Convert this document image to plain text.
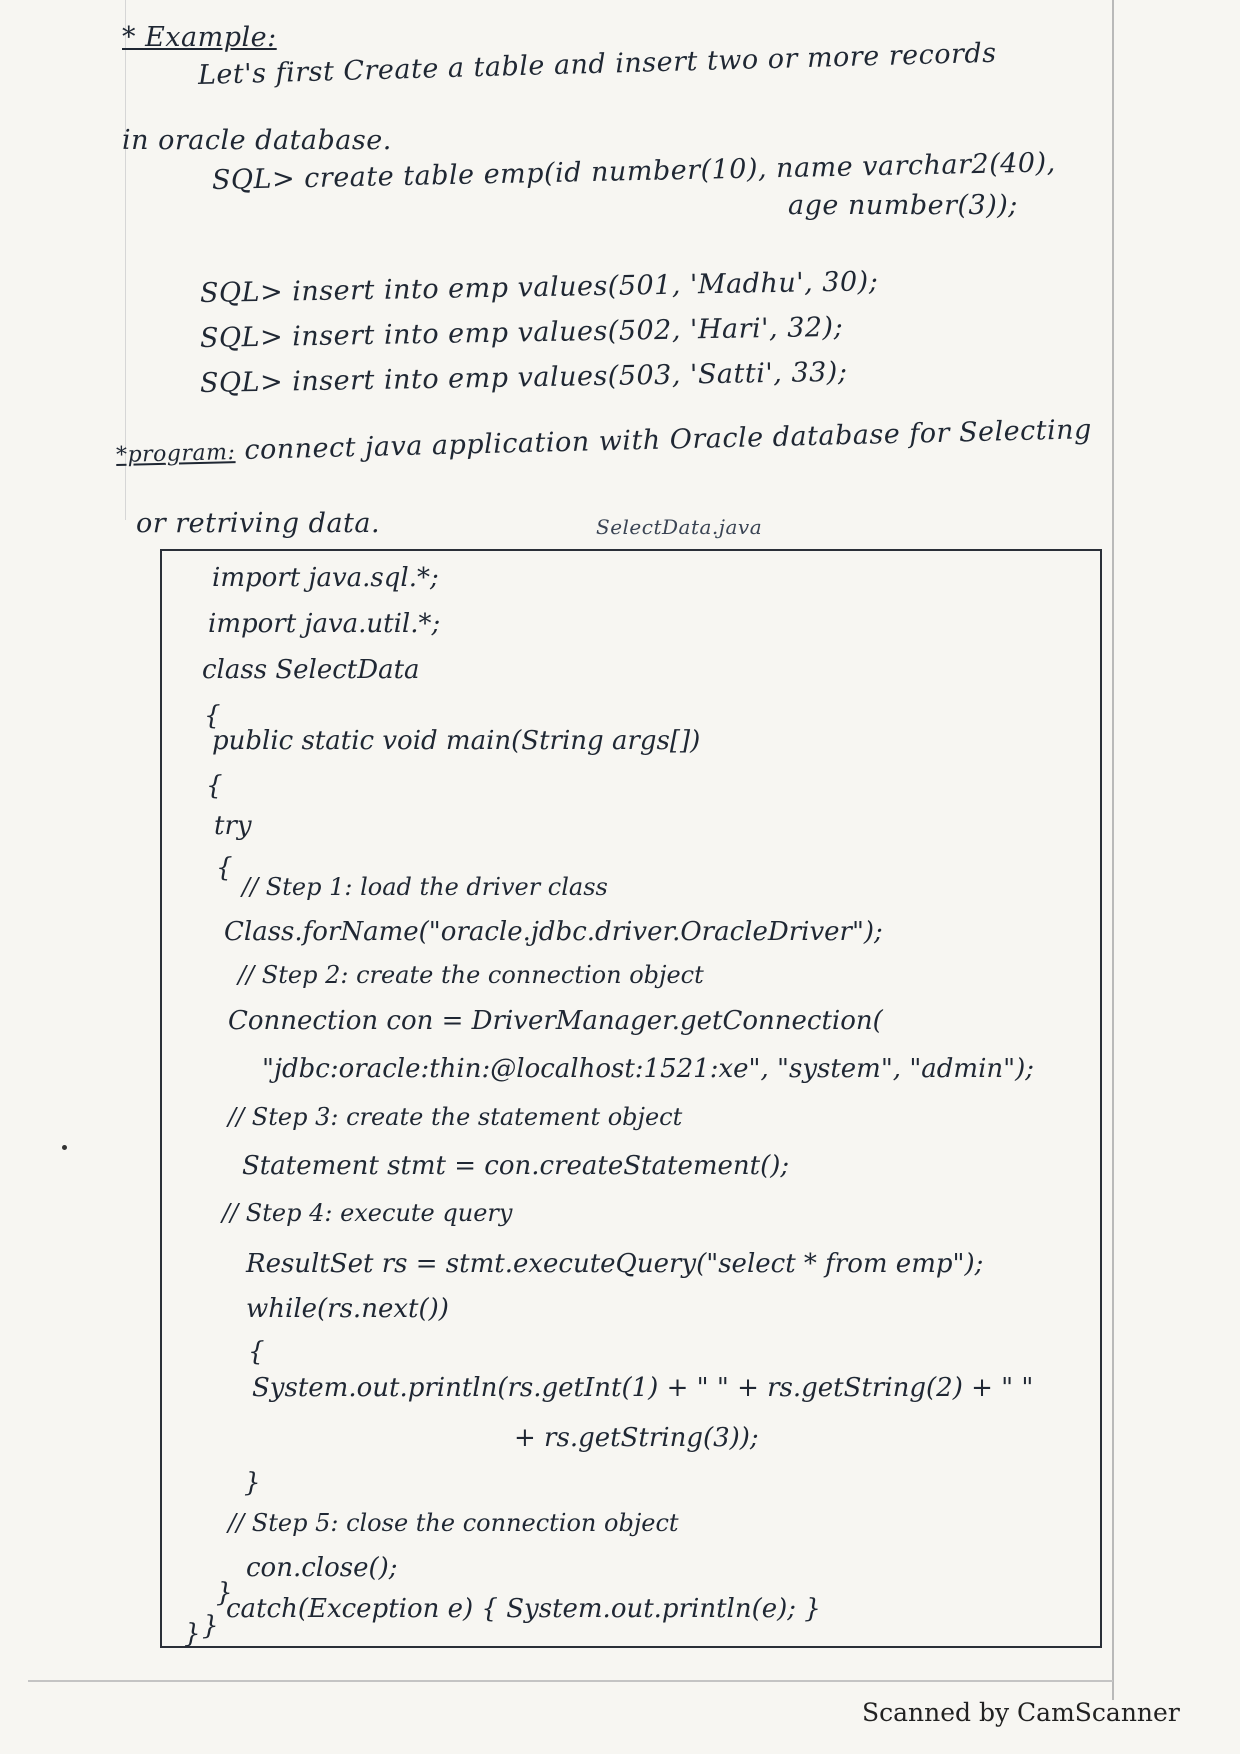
* Example:
Let's first Create a table and insert two or more records
in oracle database.
SQL> create table emp(id number(10), name varchar2(40),
age number(3));
SQL> insert into emp values(501, 'Madhu', 30);
SQL> insert into emp values(502, 'Hari', 32);
SQL> insert into emp values(503, 'Satti', 33);
*program: connect java application with Oracle database for Selecting
or retriving data.	SelectData.java
import java.sql.*;
import java.util.*;
class SelectData
{
public static void main(String args[])
{
try
{
// Step 1: load the driver class
Class.forName("oracle.jdbc.driver.OracleDriver");
// Step 2: create the connection object
Connection con = DriverManager.getConnection(
"jdbc:oracle:thin:@localhost:1521:xe", "system", "admin");
// Step 3: create the statement object
Statement stmt = con.createStatement();
// Step 4: execute query
ResultSet rs = stmt.executeQuery("select * from emp");
while(rs.next())
{
System.out.println(rs.getInt(1) + " " + rs.getString(2) + " "
+ rs.getString(3));
}
// Step 5: close the connection object
con.close();
}
catch(Exception e) { System.out.println(e); }
}
}
Scanned by CamScanner
